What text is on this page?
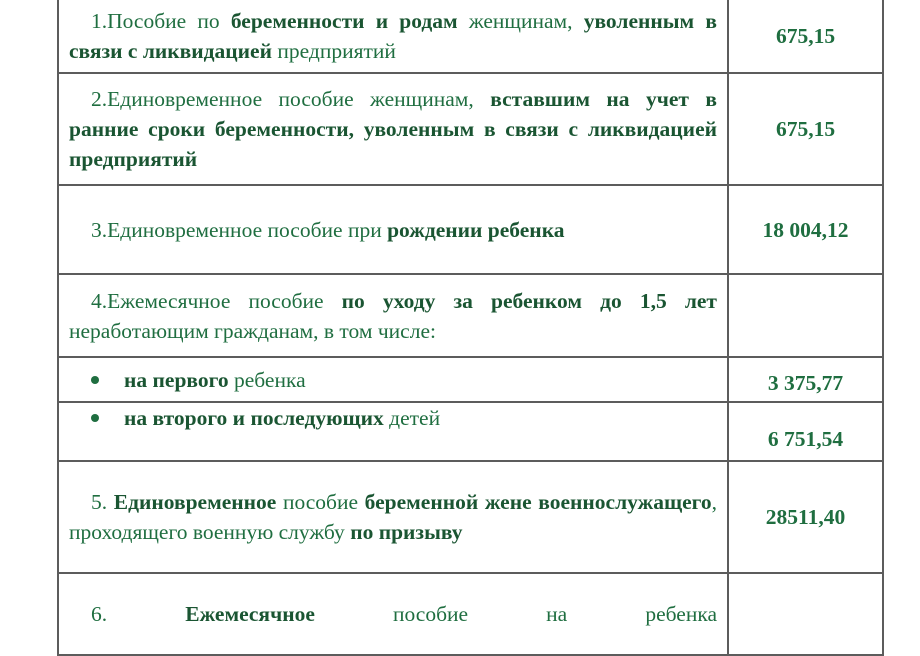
1.Пособие по беременности и родам женщинам, уволенным в связи с ликвидацией предприятий	675,15
2.Единовременное пособие женщинам, вставшим на учет в ранние сроки беременности, уволенным в связи с ликвидацией предприятий	675,15
3.Единовременное пособие при рождении ребенка	18 004,12
4.Ежемесячное пособие по уходу за ребенком до 1,5 лет неработающим гражданам, в том числе:	

на первого ребенка	3 375,77

на второго и последующих детей	6 751,54
5. Единовременное пособие беременной жене военнослужащего, проходящего военную службу по призыву	28511,40
6. Ежемесячное пособие на ребенка	
